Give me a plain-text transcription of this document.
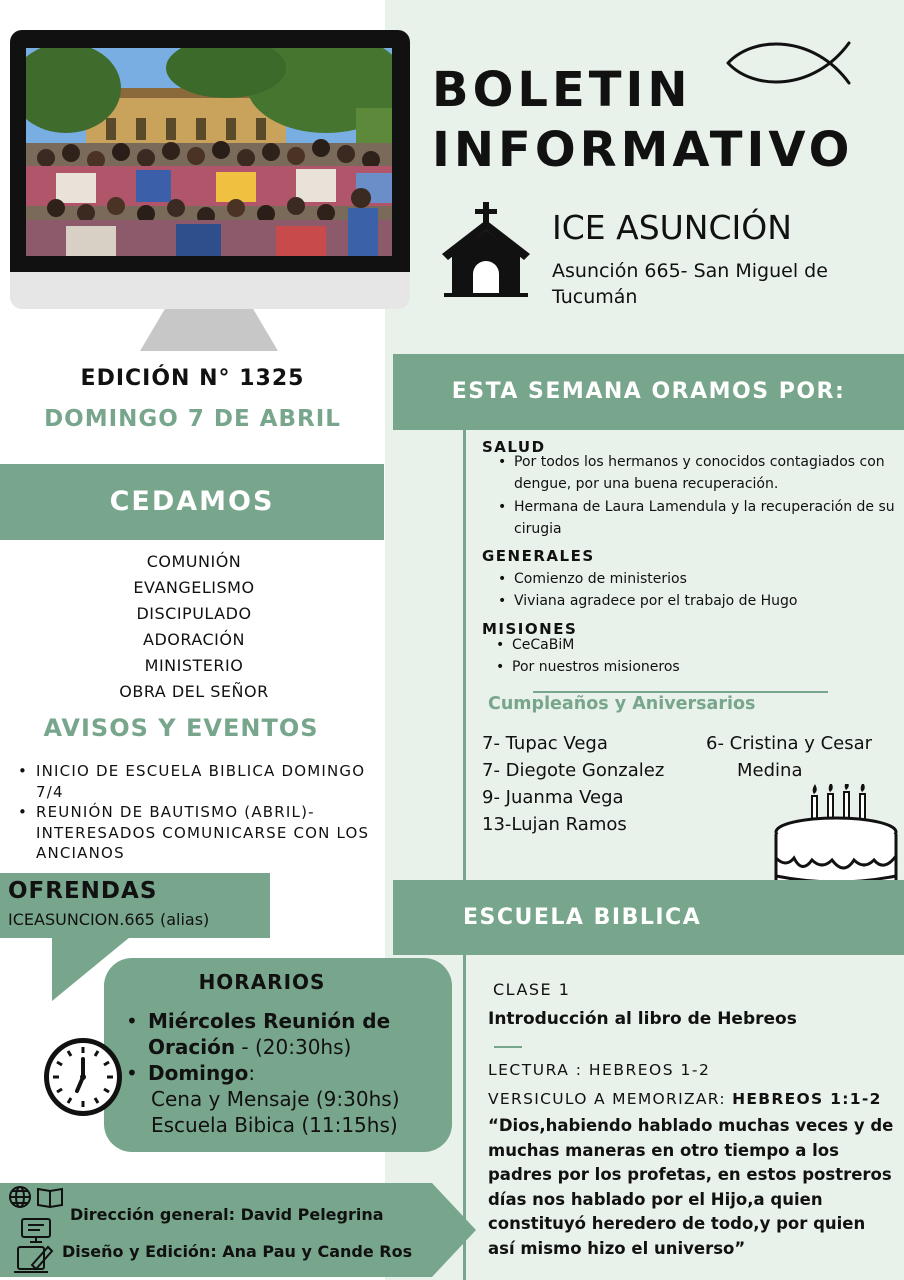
BOLETIN
INFORMATIVO
ICE ASUNCIÓN
Asunción 665- San Miguel de Tucumán
EDICIÓN N° 1325
DOMINGO 7 DE ABRIL
CEDAMOS
COMUNIÓN
EVANGELISMO
DISCIPULADO
ADORACIÓN
MINISTERIO
OBRA DEL SEÑOR
AVISOS Y EVENTOS
• INICIO DE ESCUELA BIBLICA DOMINGO 7/4
• REUNIÓN DE BAUTISMO (ABRIL)- INTERESADOS COMUNICARSE CON LOS ANCIANOS
OFRENDAS
ICEASUNCION.665 (alias)
HORARIOS
• Miércoles Reunión de Oración - (20:30hs)
• Domingo:
Cena y Mensaje (9:30hs)
Escuela Bibica (11:15hs)
Dirección general: David Pelegrina
Diseño y Edición: Ana Pau y Cande Ros
ESTA SEMANA ORAMOS POR:
SALUD
• Por todos los hermanos y conocidos contagiados con dengue, por una buena recuperación.
• Hermana de Laura Lamendula y la recuperación de su cirugia
GENERALES
• Comienzo de ministerios
• Viviana agradece por el trabajo de Hugo
MISIONES
• CeCaBiM
• Por nuestros misioneros
Cumpleaños y Aniversarios
7- Tupac Vega
7- Diegote Gonzalez
9- Juanma Vega
13-Lujan Ramos
6- Cristina y Cesar
Medina
ESCUELA BIBLICA
CLASE 1
Introducción al libro de Hebreos
LECTURA : HEBREOS 1-2
VERSICULO A MEMORIZAR: HEBREOS 1:1-2
“Dios,habiendo hablado muchas veces y de muchas maneras en otro tiempo a los padres por los profetas, en estos postreros días nos hablado por el Hijo,a quien constituyó heredero de todo,y por quien así mismo hizo el universo”
